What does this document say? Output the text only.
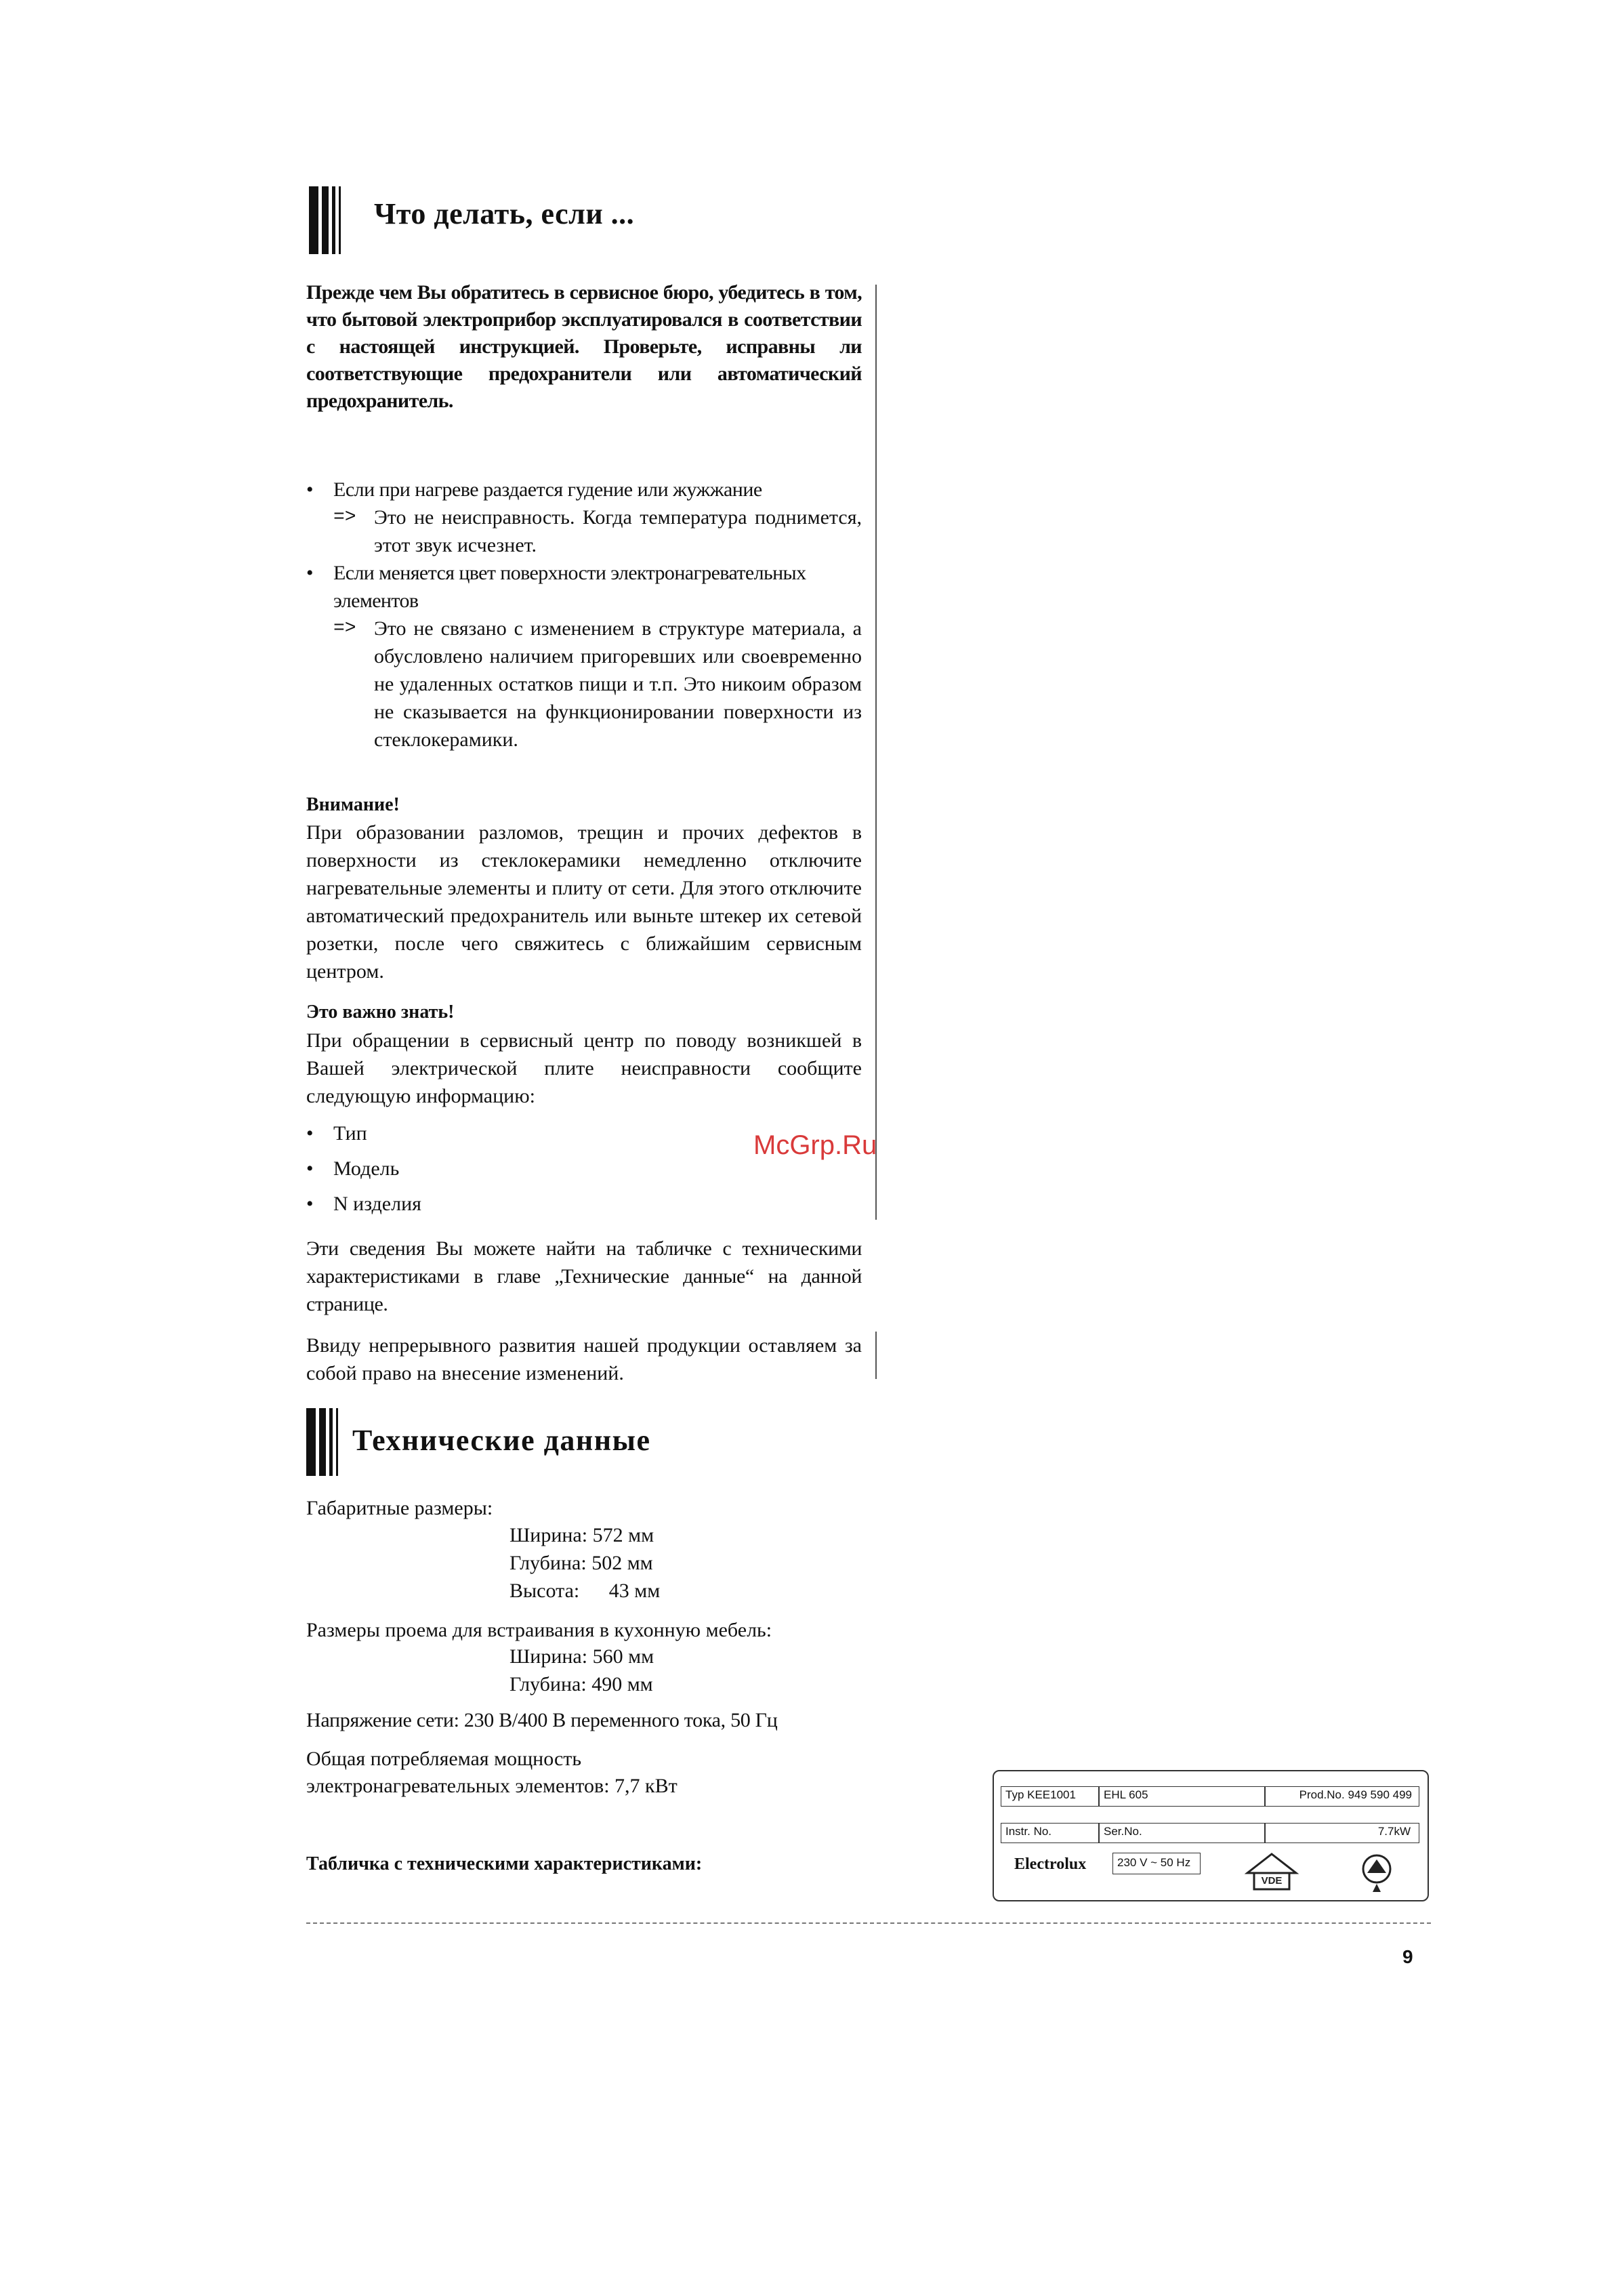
Что делать, если ...
Прежде чем Вы обратитесь в сервисное бюро, убедитесь в том, что бытовой электроприбор эксплуатировался в соответствии с настоящей инструкцией. Проверьте, исправны ли соответствующие предохранители или автоматический предохранитель.
• Если при нагреве раздается гудение или жужжание
=> Это не неисправность. Когда температура поднимется, этот звук исчезнет.
• Если меняется цвет поверхности электронагревательных элементов
=> Это не связано с изменением в структуре материала, а обусловлено наличием пригоревших или своевременно не удаленных остатков пищи и т.п. Это никоим образом не сказывается на функционировании поверхности из стеклокерамики.
Внимание!

При образовании разломов, трещин и прочих дефектов в поверхности из стеклокерамики немедленно отключите нагревательные элементы и плиту от сети. Для этого отключите автоматический предохранитель или выньте штекер их сетевой розетки, после чего свяжитесь с ближайшим сервисным центром.

Это важно знать!

При обращении в сервисный центр по поводу возникшей в Вашей электрической плите неисправности сообщите следующую информацию:

• Тип
• Модель
• N изделия

Эти сведения Вы можете найти на табличке с техническими характеристиками в главе „Технические данные“ на данной странице.

Ввиду непрерывного развития нашей продукции оставляем за собой право на внесение изменений.

McGrp.Ru
Технические данные
Габаритные размеры:
Ширина: 572 мм
Глубина: 502 мм
Высота: 43 мм
Размеры проема для встраивания в кухонную мебель:
Ширина: 560 мм
Глубина: 490 мм
Напряжение сети: 230 В/400 В переменного тока, 50 Гц
Общая потребляемая мощность
электронагревательных элементов: 7,7 кВт
Табличка с техническими характеристиками:
Typ KEE1001	EHL 605	Prod.No. 949 590 499
Instr. No.	Ser.No.	7.7kW
Electrolux	230 V ~ 50 Hz
VDE
9
